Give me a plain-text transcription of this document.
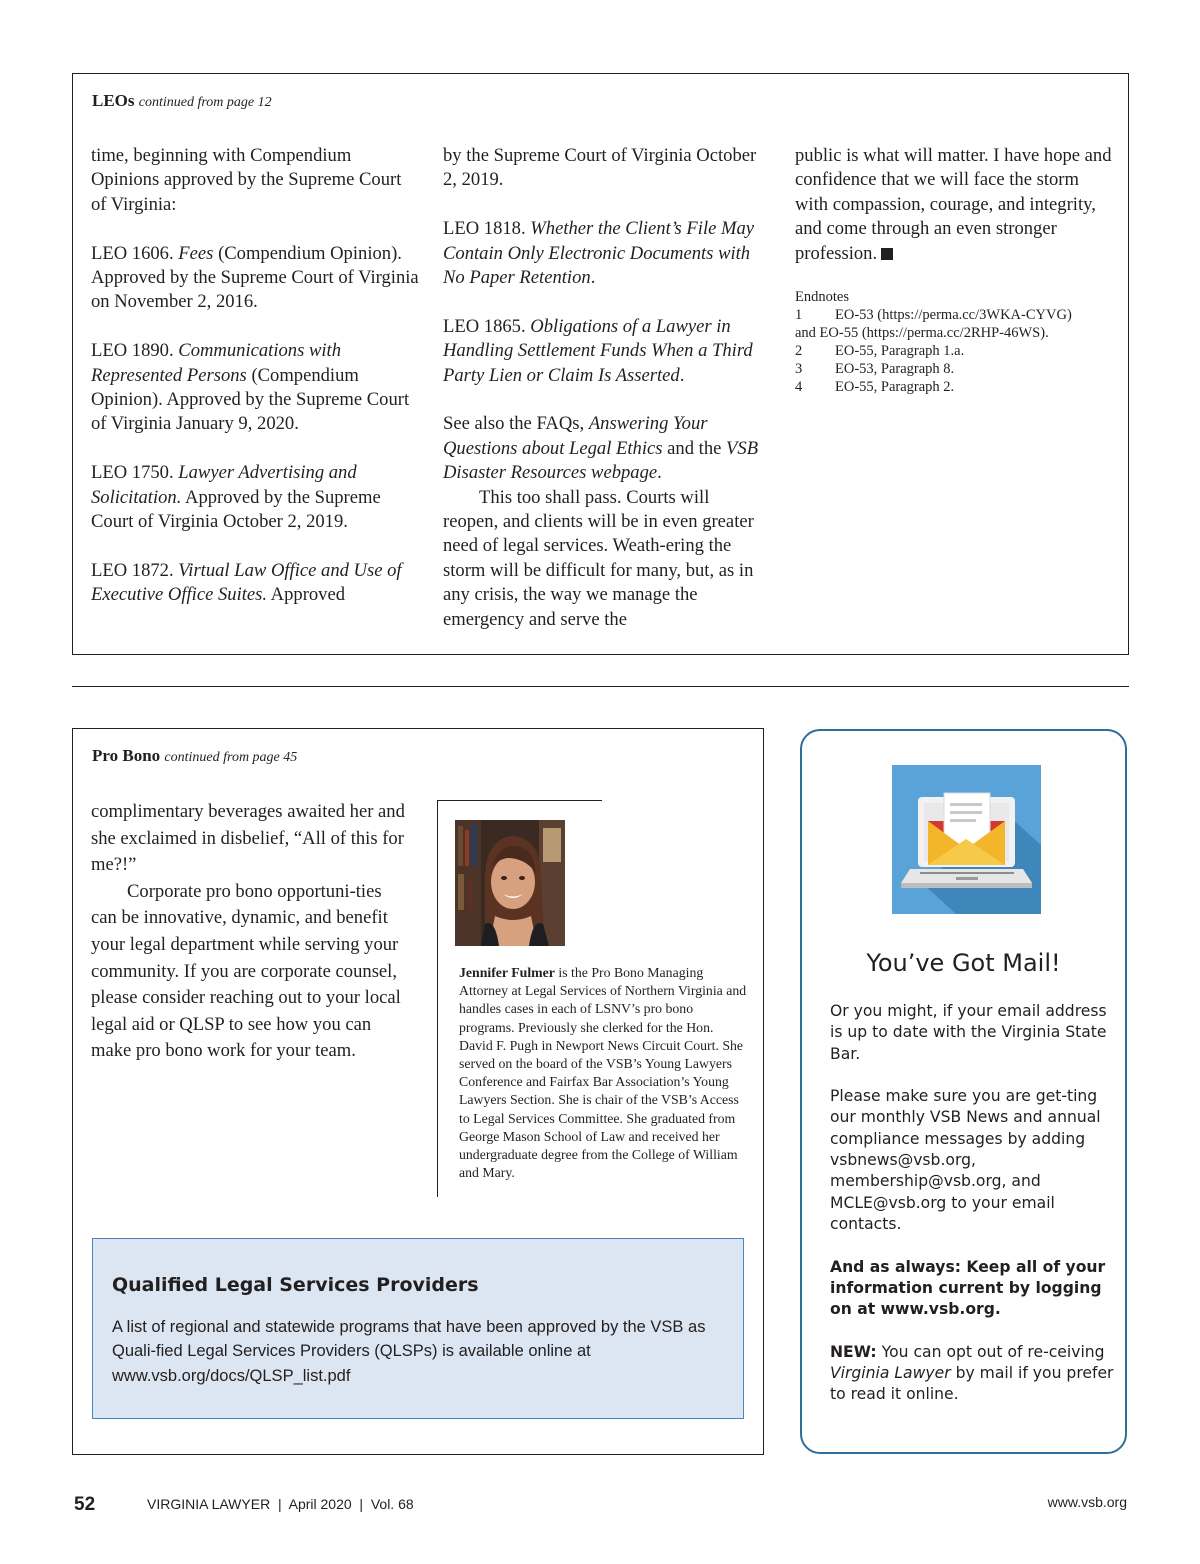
LEOs continued from page 12

time, beginning with Compendium Opinions approved by the Supreme Court of Virginia:

LEO 1606. Fees (Compendium Opinion). Approved by the Supreme Court of Virginia on November 2, 2016.

LEO 1890. Communications with Represented Persons (Compendium Opinion). Approved by the Supreme Court of Virginia January 9, 2020.

LEO 1750. Lawyer Advertising and Solicitation. Approved by the Supreme Court of Virginia October 2, 2019.

LEO 1872. Virtual Law Office and Use of Executive Office Suites. Approved

by the Supreme Court of Virginia October 2, 2019.

LEO 1818. Whether the Client’s File May Contain Only Electronic Documents with No Paper Retention.

LEO 1865. Obligations of a Lawyer in Handling Settlement Funds When a Third Party Lien or Claim Is Asserted.

See also the FAQs, Answering Your Questions about Legal Ethics and the VSB Disaster Resources webpage.

This too shall pass. Courts will reopen, and clients will be in even greater need of legal services. Weath-ering the storm will be difficult for many, but, as in any crisis, the way we manage the emergency and serve the

public is what will matter. I have hope and confidence that we will face the storm with compassion, courage, and integrity, and come through an even stronger profession.

Endnotes
1	EO-53 (https://perma.cc/3WKA-CYVG)
and EO-55 (https://perma.cc/2RHP-46WS).
2	EO-55, Paragraph 1.a.
3	EO-53, Paragraph 8.
4	EO-55, Paragraph 2.
Pro Bono continued from page 45

complimentary beverages awaited her and she exclaimed in disbelief, “All of this for me?!”

Corporate pro bono opportuni-ties can be innovative, dynamic, and benefit your legal department while serving your community. If you are corporate counsel, please consider reaching out to your local legal aid or QLSP to see how you can make pro bono work for your team.

Jennifer Fulmer is the Pro Bono Managing Attorney at Legal Services of Northern Virginia and handles cases in each of LSNV’s pro bono programs. Previously she clerked for the Hon. David F. Pugh in Newport News Circuit Court. She served on the board of the VSB’s Young Lawyers Conference and Fairfax Bar Association’s Young Lawyers Section. She is chair of the VSB’s Access to Legal Services Committee. She graduated from George Mason School of Law and received her undergraduate degree from the College of William and Mary.
Qualified Legal Services Providers
A list of regional and statewide programs that have been approved by the VSB as Quali-fied Legal Services Providers (QLSPs) is available online at www.vsb.org/docs/QLSP_list.pdf
You’ve Got Mail!

Or you might, if your email address is up to date with the Virginia State Bar.

Please make sure you are get-ting our monthly VSB News and annual compliance messages by adding vsbnews@vsb.org, membership@vsb.org, and MCLE@vsb.org to your email contacts.

And as always: Keep all of your information current by logging on at www.vsb.org.

NEW: You can opt out of re-ceiving Virginia Lawyer by mail if you prefer to read it online.

52	VIRGINIA LAWYER  |  April 2020  |  Vol. 68	www.vsb.org
